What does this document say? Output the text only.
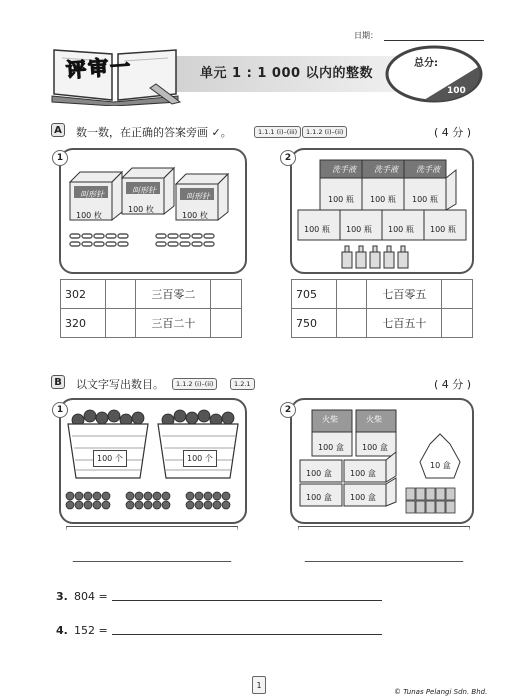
日期：
单元 1 : 1 000 以内的整数
评审一	总分:
100
A 数一数，在正确的答案旁画 ✓。	1.1.1 (i)–(iii)	1.1.2 (i)–(ii)	( 4 分 )
1
叫形针	叫形针
叫形针
100 枚
100 枚
100 枚
302		三百零二	
320		三百二十	
2
洗手液 洗手液 洗手液
100 瓶 100 瓶 100 瓶
100 瓶 100 瓶 100 瓶 100 瓶
705		七百零五	
750		七百五十	
B 以文字写出数目。	1.1.2 (i)–(ii)	1.2.1	( 4 分 )
1
100 个	100 个
2
火柴	火柴
100 盒 100 盒
100 盒 100 盒
100 盒 100 盒
10 盒
3. 804 =
4. 152 =
1
© Tunas Pelangi Sdn. Bhd.
